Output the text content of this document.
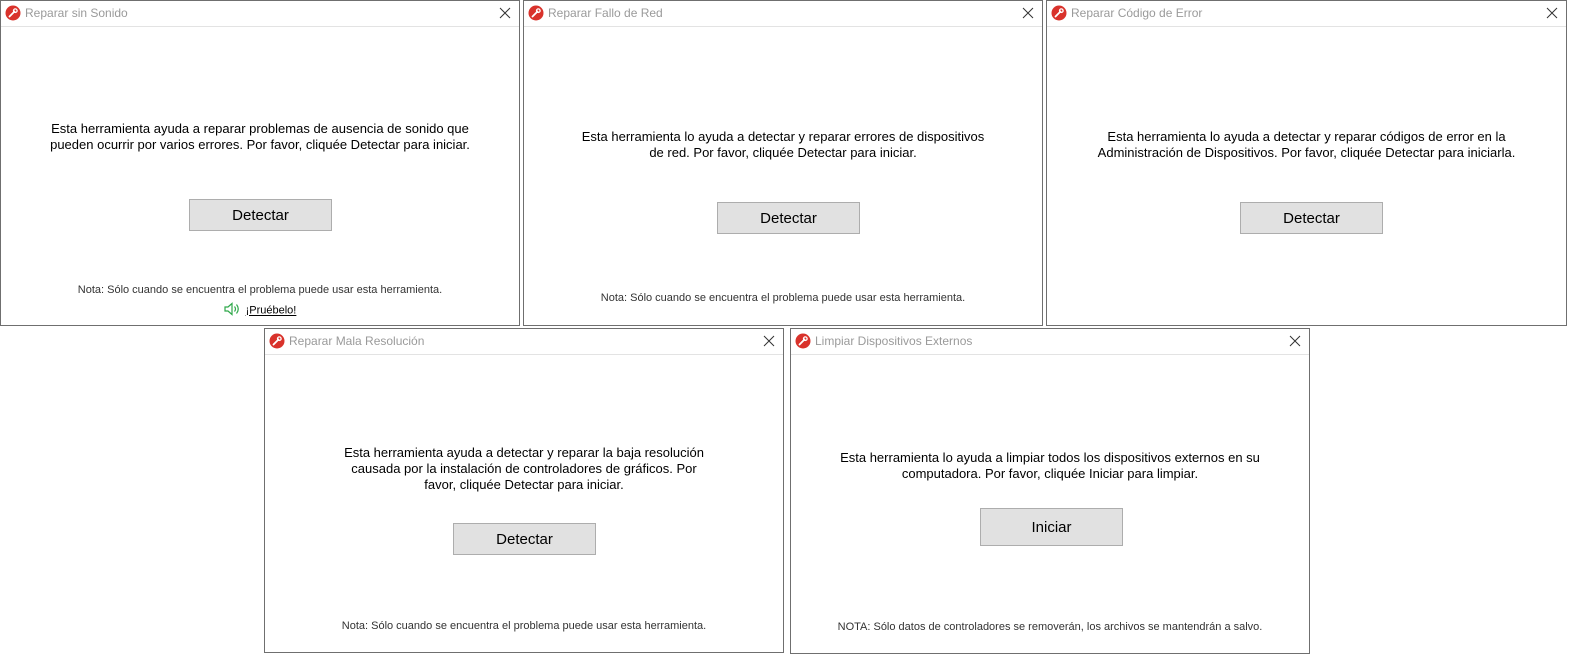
Reparar sin Sonido
Esta herramienta ayuda a reparar problemas de ausencia de sonido que
pueden ocurrir por varios errores. Por favor, cliquée Detectar para iniciar.
Detectar
Nota: Sólo cuando se encuentra el problema puede usar esta herramienta.
¡Pruébelo!
Reparar Fallo de Red
Esta herramienta lo ayuda a detectar y reparar errores de dispositivos
de red. Por favor, cliquée Detectar para iniciar.
Detectar
Nota: Sólo cuando se encuentra el problema puede usar esta herramienta.
Reparar Código de Error
Esta herramienta lo ayuda a detectar y reparar códigos de error en la
Administración de Dispositivos. Por favor, cliquée Detectar para iniciarla.
Detectar
Reparar Mala Resolución
Esta herramienta ayuda a detectar y reparar la baja resolución
causada por la instalación de controladores de gráficos. Por
favor, cliquée Detectar para iniciar.
Detectar
Nota: Sólo cuando se encuentra el problema puede usar esta herramienta.
Limpiar Dispositivos Externos
Esta herramienta lo ayuda a limpiar todos los dispositivos externos en su
computadora. Por favor, cliquée Iniciar para limpiar.
Iniciar
NOTA: Sólo datos de controladores se removerán, los archivos se mantendrán a salvo.
